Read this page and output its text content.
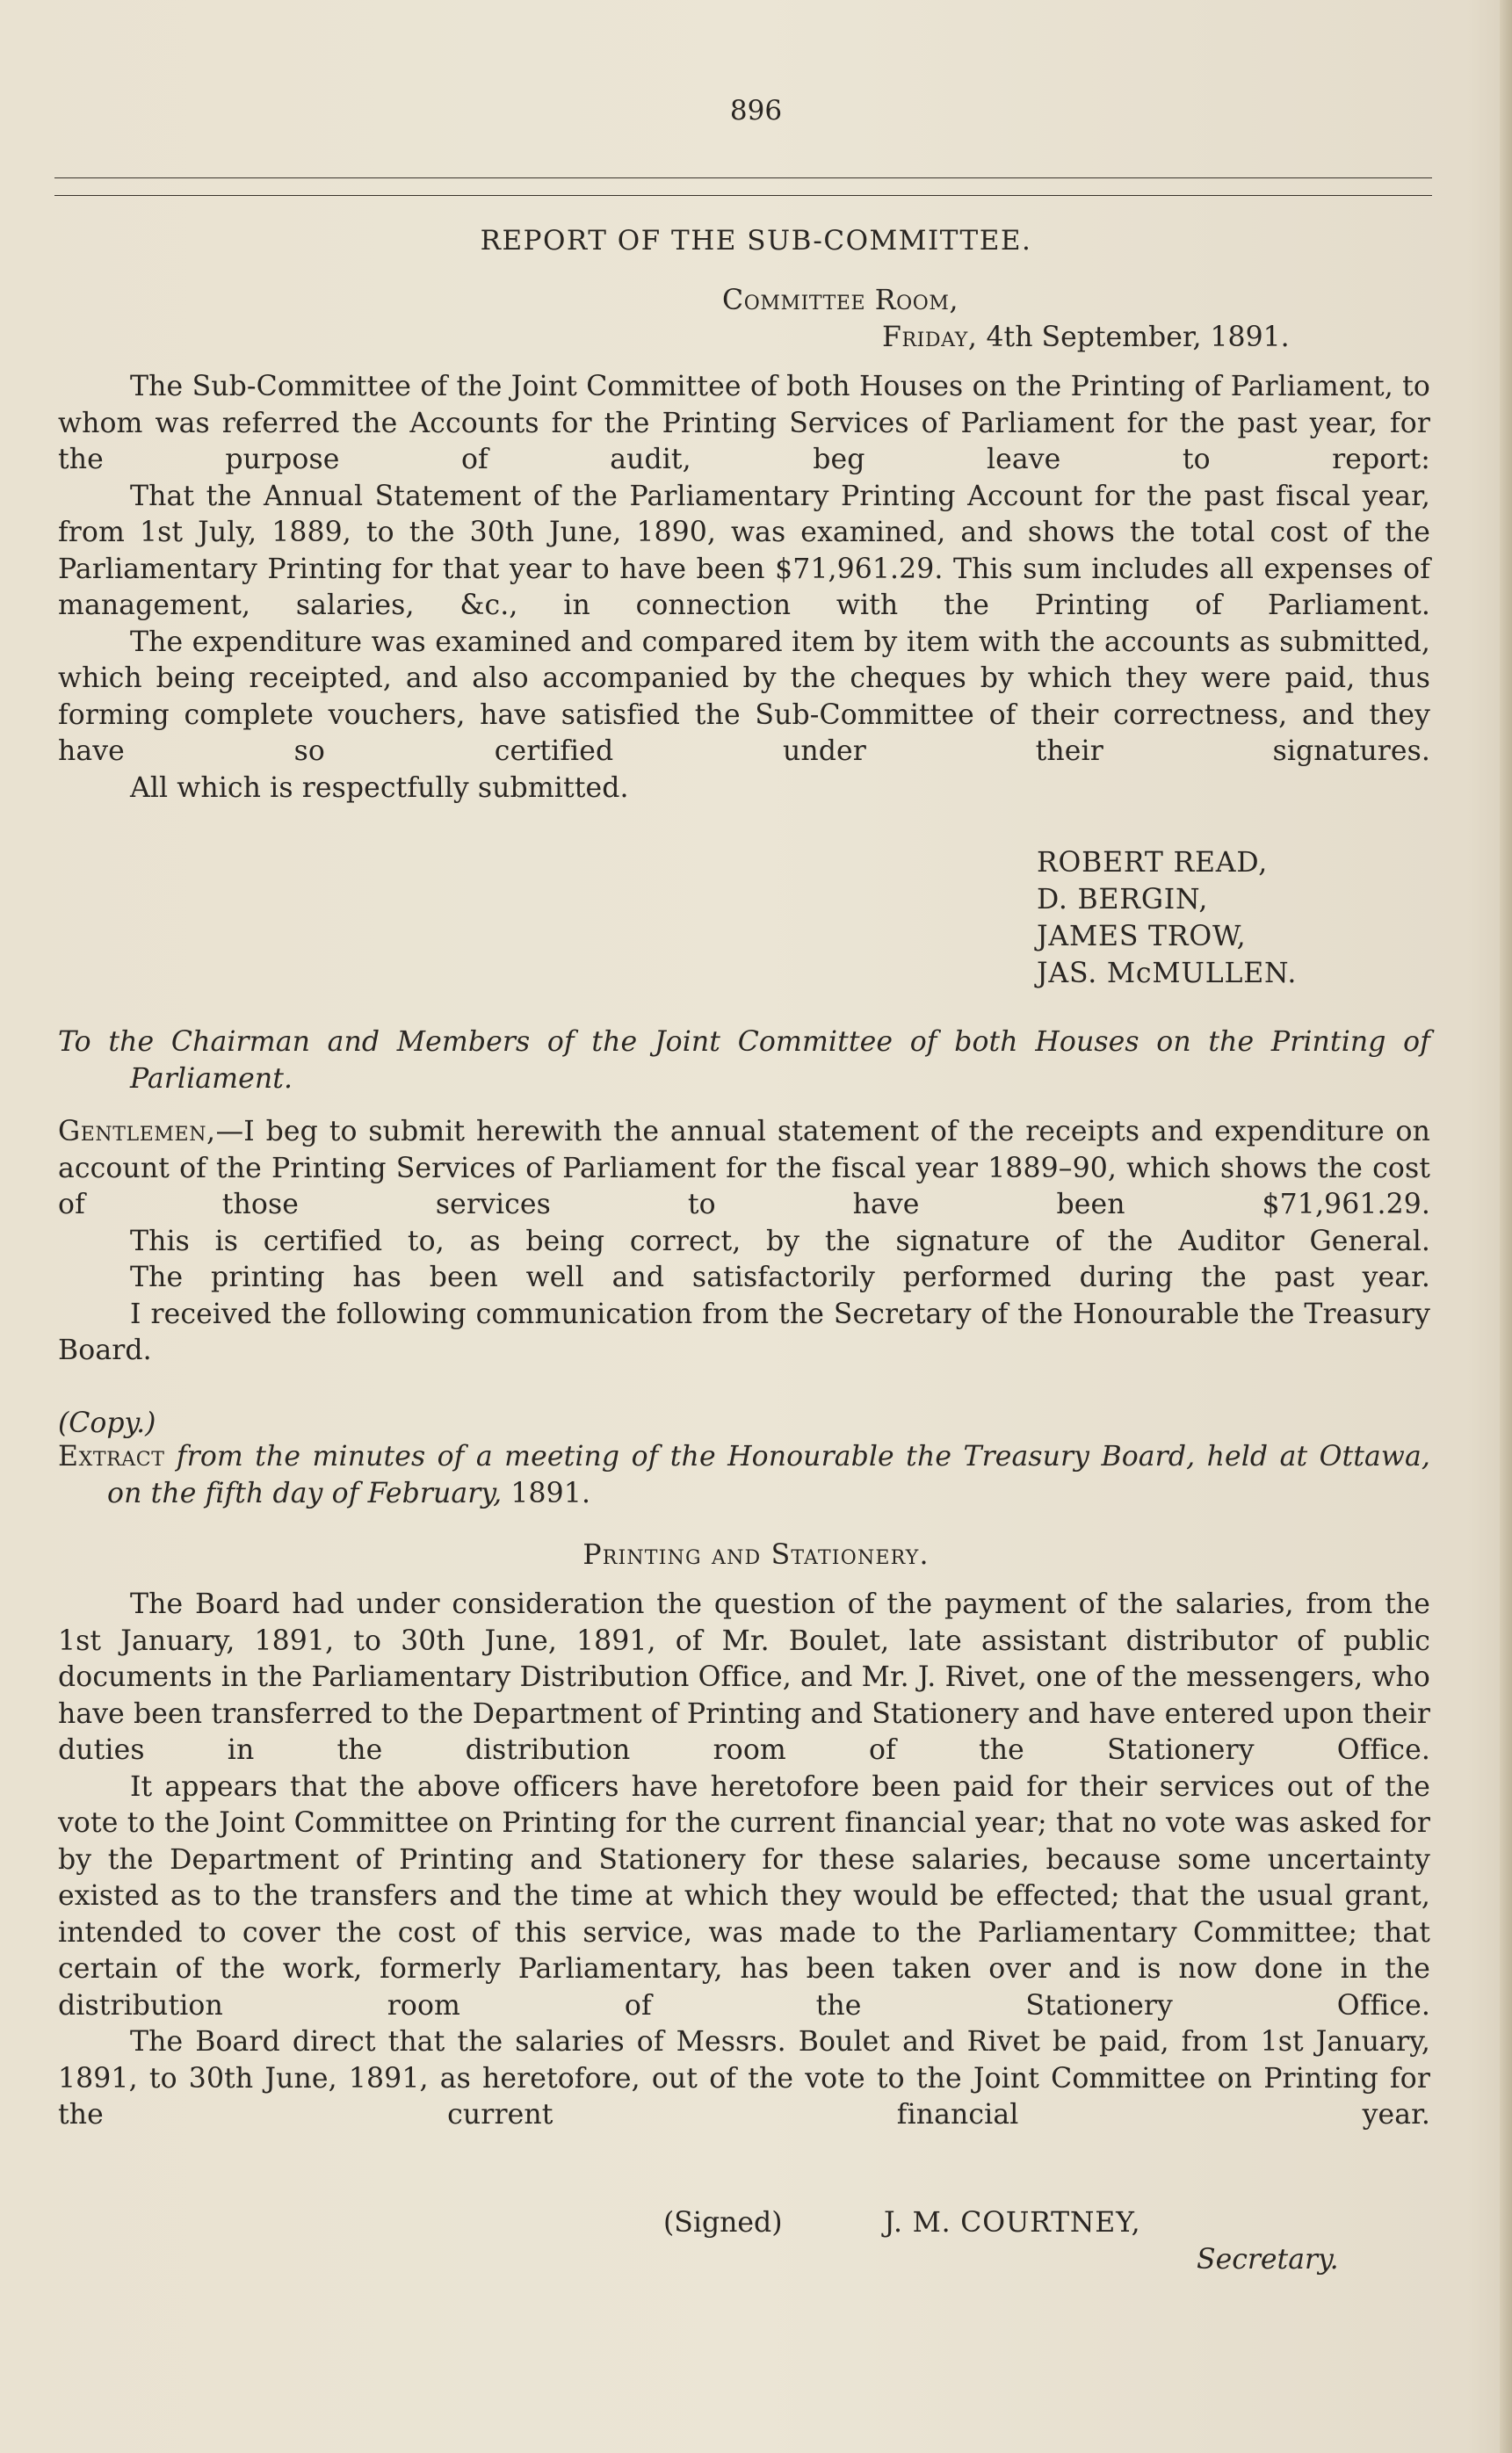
896
REPORT OF THE SUB-COMMITTEE.
Committee Room,
Friday, 4th September, 1891.

The Sub-Committee of the Joint Committee of both Houses on the Printing of Parliament, to whom was referred the Accounts for the Printing Services of Parliament for the past year, for the purpose of audit, beg leave to report:

That the Annual Statement of the Parliamentary Printing Account for the past fiscal year, from 1st July, 1889, to the 30th June, 1890, was examined, and shows the total cost of the Parliamentary Printing for that year to have been $71,961.29. This sum includes all expenses of management, salaries, &c., in connection with the Printing of Parliament.

The expenditure was examined and compared item by item with the accounts as submitted, which being receipted, and also accompanied by the cheques by which they were paid, thus forming complete vouchers, have satisfied the Sub-Committee of their correctness, and they have so certified under their signatures.

All which is respectfully submitted.

ROBERT READ,
D. BERGIN,
JAMES TROW,
JAS. McMULLEN.

To the Chairman and Members of the Joint Committee of both Houses on the Printing of Parliament.

Gentlemen,—I beg to submit herewith the annual statement of the receipts and expenditure on account of the Printing Services of Parliament for the fiscal year 1889–90, which shows the cost of those services to have been $71,961.29.

This is certified to, as being correct, by the signature of the Auditor General.

The printing has been well and satisfactorily performed during the past year.

I received the following communication from the Secretary of the Honourable the Treasury Board.

(Copy.)

Extract from the minutes of a meeting of the Honourable the Treasury Board, held at Ottawa, on the fifth day of February, 1891.

Printing and Stationery.

The Board had under consideration the question of the payment of the salaries, from the 1st January, 1891, to 30th June, 1891, of Mr. Boulet, late assistant distributor of public documents in the Parliamentary Distribution Office, and Mr. J. Rivet, one of the messengers, who have been transferred to the Department of Printing and Stationery and have entered upon their duties in the distribution room of the Stationery Office.

It appears that the above officers have heretofore been paid for their services out of the vote to the Joint Committee on Printing for the current financial year; that no vote was asked for by the Department of Printing and Stationery for these salaries, because some uncertainty existed as to the transfers and the time at which they would be effected; that the usual grant, intended to cover the cost of this service, was made to the Parliamentary Committee; that certain of the work, formerly Parliamentary, has been taken over and is now done in the distribution room of the Stationery Office.

The Board direct that the salaries of Messrs. Boulet and Rivet be paid, from 1st January, 1891, to 30th June, 1891, as heretofore, out of the vote to the Joint Committee on Printing for the current financial year.

(Signed)	J. M. COURTNEY,
Secretary.
